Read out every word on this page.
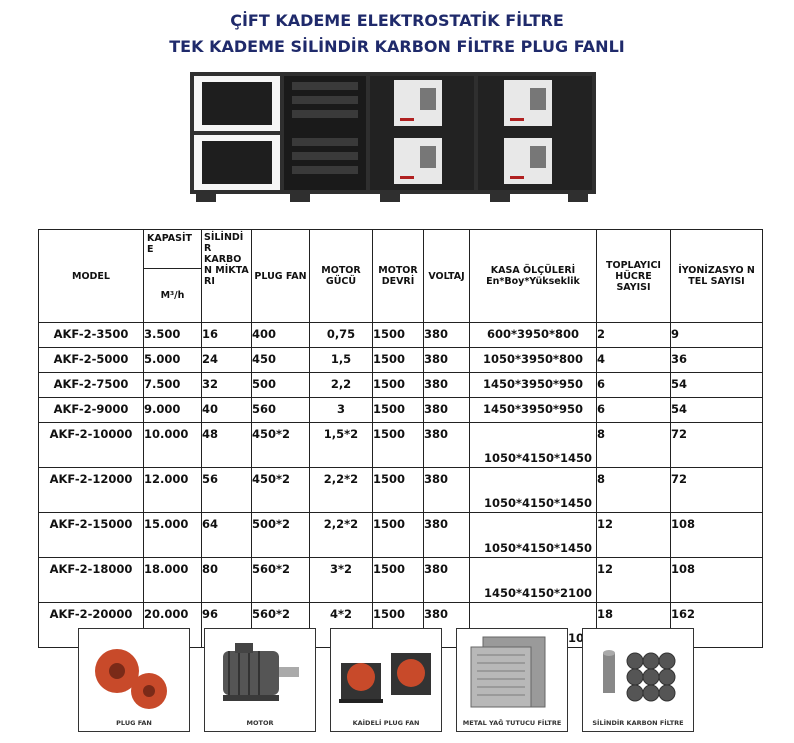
ÇİFT KADEME ELEKTROSTATİK FİLTRE
TEK KADEME SİLİNDİR KARBON FİLTRE PLUG FANLI
MODEL	KAPASİT E	SİLİNDİ R KARBO N MİKTA RI	PLUG FAN	MOTOR GÜCÜ	MOTOR DEVRİ	VOLTAJ	KASA ÖLÇÜLERİ En*Boy*Yükseklik	TOPLAYICI HÜCRE SAYISI	İYONİZASYO N TEL SAYISI
	M³/h								
AKF-2-3500	3.500	16	400	0,75	1500	380	600*3950*800	2	9
AKF-2-5000	5.000	24	450	1,5	1500	380	1050*3950*800	4	36
AKF-2-7500	7.500	32	500	2,2	1500	380	1450*3950*950	6	54
AKF-2-9000	9.000	40	560	3	1500	380	1450*3950*950	6	54
AKF-2-10000	10.000	48	450*2	1,5*2	1500	380	1050*4150*1450	8	72
AKF-2-12000	12.000	56	450*2	2,2*2	1500	380	1050*4150*1450	8	72
AKF-2-15000	15.000	64	500*2	2,2*2	1500	380	1050*4150*1450	12	108
AKF-2-18000	18.000	80	560*2	3*2	1500	380	1450*4150*2100	12	108
AKF-2-20000	20.000	96	560*2	4*2	1500	380		18	162
PLUG FAN	MOTOR	KAİDELİ PLUG FAN	METAL YAĞ TUTUCU FİLTRE	SİLİNDİR KARBON FİLTRE
